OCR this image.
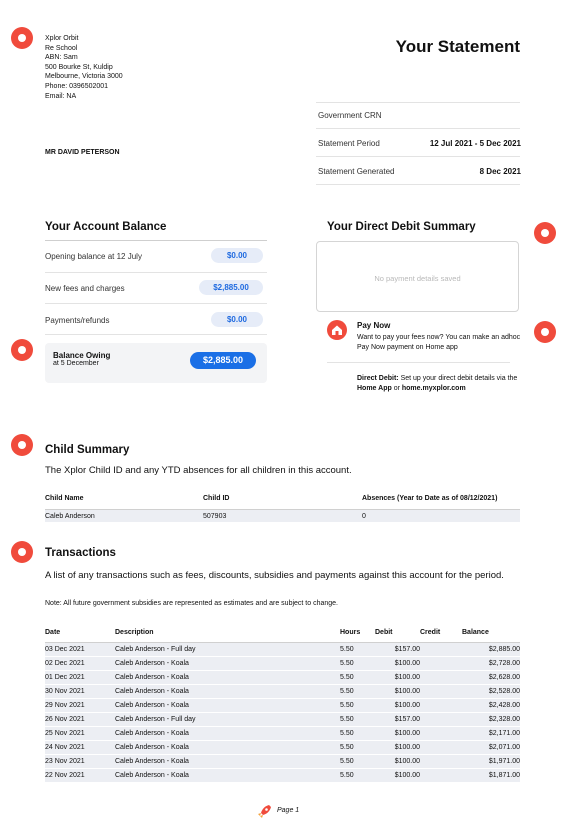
Xplor Orbit
Re School
ABN: Sam
500 Bourke St, Kuldip
Melbourne, Victoria 3000
Phone: 0396502001
Email: NA
Your Statement
MR DAVID PETERSON
Government CRN
Statement Period	12 Jul 2021 - 5 Dec 2021
Statement Generated	8 Dec 2021
Your Account Balance
Opening balance at 12 July	$0.00
New fees and charges	$2,885.00
Payments/refunds	$0.00
Balance Owing
at 5 December	$2,885.00
Your Direct Debit Summary
No payment details saved
Pay Now
Want to pay your fees now? You can make an adhoc Pay Now payment on Home app
Direct Debit: Set up your direct debit details via the Home App or home.myxplor.com
Child Summary
The Xplor Child ID and any YTD absences for all children in this account.
Child Name	Child ID	Absences (Year to Date as of 08/12/2021)
Caleb Anderson	507903	0
Transactions
A list of any transactions such as fees, discounts, subsidies and payments against this account for the period.
Note: All future government subsidies are represented as estimates and are subject to change.
Date	Description	Hours	Debit	Credit	Balance
03 Dec 2021	Caleb Anderson - Full day	5.50	$157.00		$2,885.00
02 Dec 2021	Caleb Anderson - Koala	5.50	$100.00		$2,728.00
01 Dec 2021	Caleb Anderson - Koala	5.50	$100.00		$2,628.00
30 Nov 2021	Caleb Anderson - Koala	5.50	$100.00		$2,528.00
29 Nov 2021	Caleb Anderson - Koala	5.50	$100.00		$2,428.00
26 Nov 2021	Caleb Anderson - Full day	5.50	$157.00		$2,328.00
25 Nov 2021	Caleb Anderson - Koala	5.50	$100.00		$2,171.00
24 Nov 2021	Caleb Anderson - Koala	5.50	$100.00		$2,071.00
23 Nov 2021	Caleb Anderson - Koala	5.50	$100.00		$1,971.00
22 Nov 2021	Caleb Anderson - Koala	5.50	$100.00		$1,871.00
Page 1
